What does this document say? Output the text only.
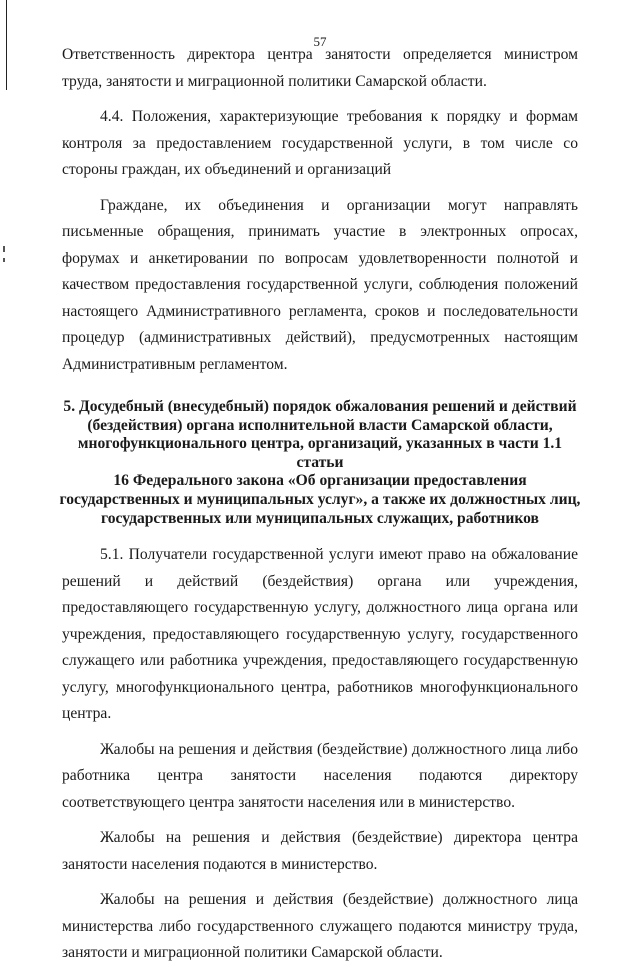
57

Ответственность директора центра занятости определяется министром труда, занятости и миграционной политики Самарской области.

4.4. Положения, характеризующие требования к порядку и формам контроля за предоставлением государственной услуги, в том числе со стороны граждан, их объединений и организаций

Граждане, их объединения и организации могут направлять письменные обращения, принимать участие в электронных опросах, форумах и анкетировании по вопросам удовлетворенности полнотой и качеством предоставления государственной услуги, соблюдения положений настоящего Административного регламента, сроков и последовательности процедур (административных действий), предусмотренных настоящим Административным регламентом.

5. Досудебный (внесудебный) порядок обжалования решений и действий

(бездействия) органа исполнительной власти Самарской области,

многофункционального центра, организаций, указанных в части 1.1 статьи

16 Федерального закона «Об организации предоставления

государственных и муниципальных услуг», а также их должностных лиц,

государственных или муниципальных служащих, работников

5.1. Получатели государственной услуги имеют право на обжалование решений и действий (бездействия) органа или учреждения, предоставляющего государственную услугу, должностного лица органа или учреждения, предоставляющего государственную услугу, государственного служащего или работника учреждения, предоставляющего государственную услугу, многофункционального центра, работников многофункционального центра.

Жалобы на решения и действия (бездействие) должностного лица либо работника центра занятости населения подаются директору соответствующего центра занятости населения или в министерство.

Жалобы на решения и действия (бездействие) директора центра занятости населения подаются в министерство.

Жалобы на решения и действия (бездействие) должностного лица министерства либо государственного служащего подаются министру труда, занятости и миграционной политики Самарской области.
